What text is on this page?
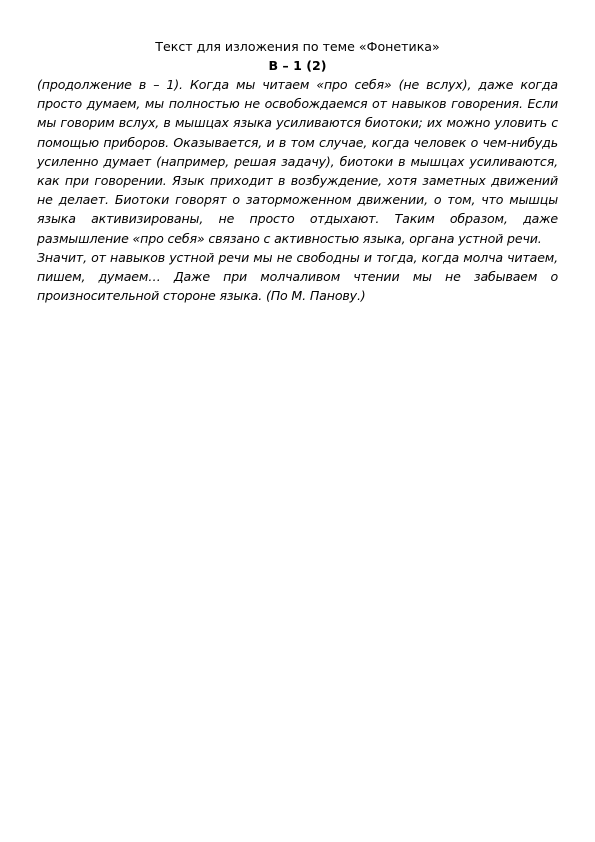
Текст для изложения по теме «Фонетика»

В – 1 (2)

(продолжение в – 1). Когда мы читаем «про себя» (не вслух), даже когда просто думаем, мы полностью не освобождаемся от навыков говорения. Если мы говорим вслух, в мышцах языка усиливаются биотоки; их можно уловить с помощью приборов. Оказывается, и в том случае, когда человек о чем-нибудь усиленно думает (например, решая задачу), биотоки в мышцах усиливаются, как при говорении. Язык приходит в возбуждение, хотя заметных движений не делает. Биотоки говорят о заторможенном движении, о том, что мышцы языка активизированы, не просто отдыхают. Таким образом, даже размышление «про себя» связано с активностью языка, органа устной речи.

Значит, от навыков устной речи мы не свободны и тогда, когда молча читаем, пишем, думаем… Даже при молчаливом чтении мы не забываем о произносительной стороне языка. (По М. Панову.)
